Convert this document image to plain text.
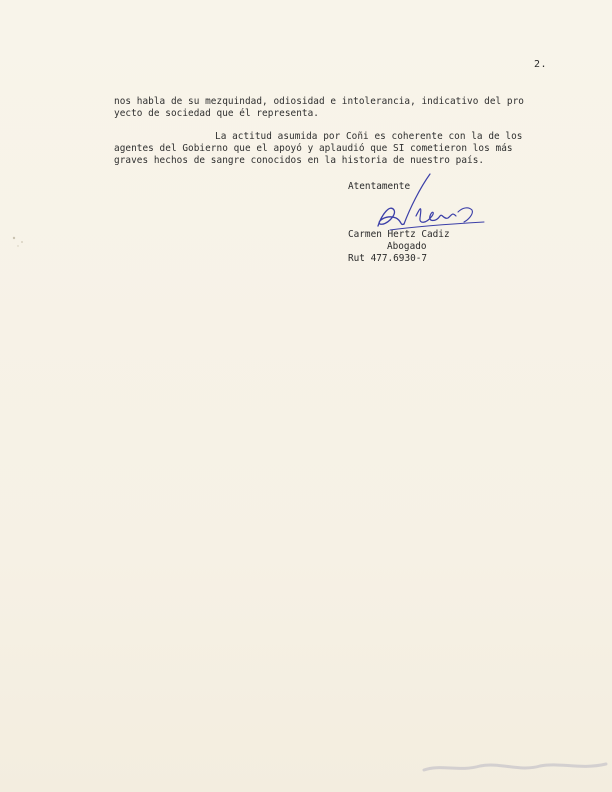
2.
nos habla de su mezquindad, odiosidad e intolerancia, indicativo del pro
yecto de sociedad que él representa.
La actitud asumida por Coñi es coherente con la de los
agentes del Gobierno que el apoyó y aplaudió que SI cometieron los más
graves hechos de sangre conocidos en la historia de nuestro país.
Atentamente
Carmen Hertz Cadiz
Abogado
Rut 477.6930-7
